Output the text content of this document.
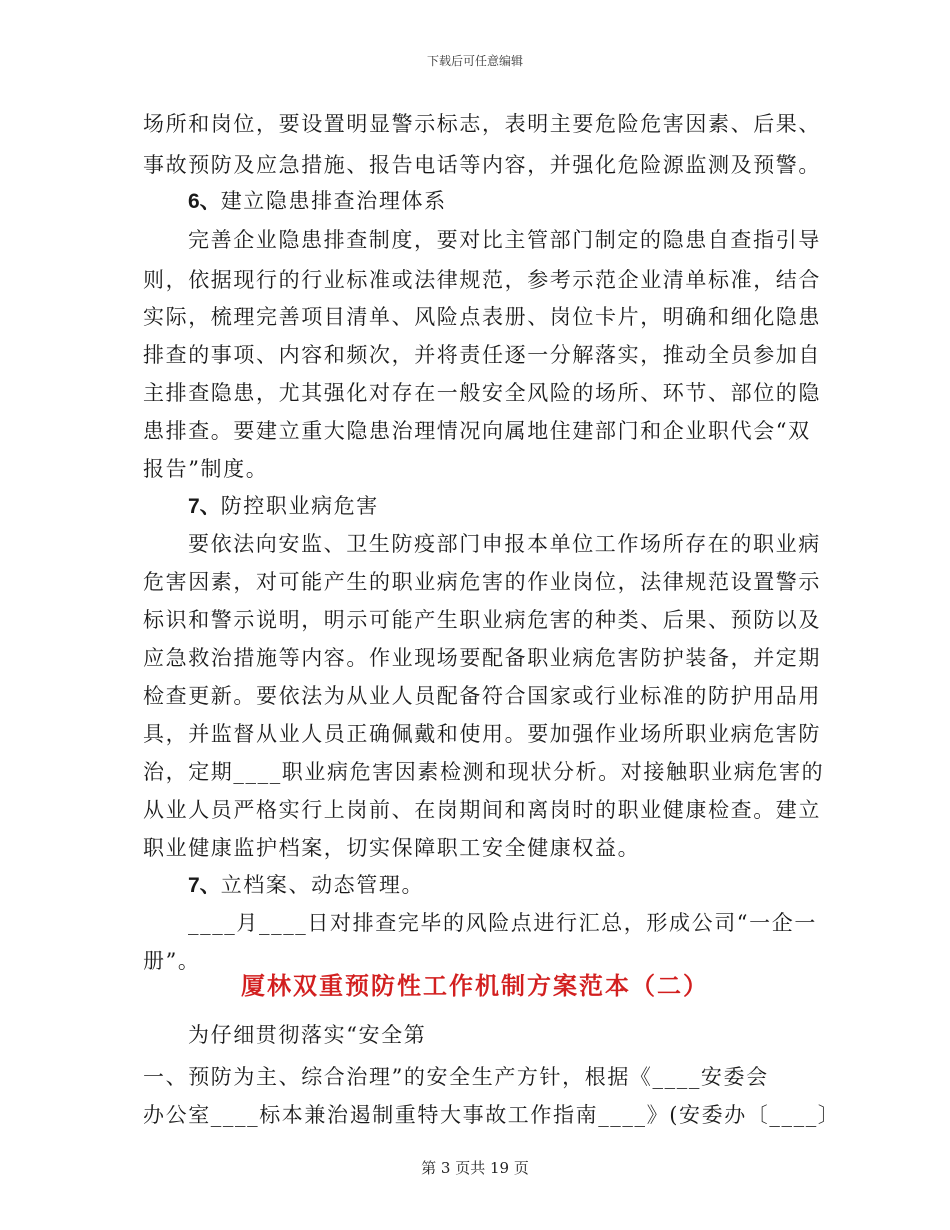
下载后可任意编辑
场所和岗位，要设置明显警示标志，表明主要危险危害因素、后果、
事故预防及应急措施、报告电话等内容，并强化危险源监测及预警。
6、建立隐患排查治理体系
完善企业隐患排查制度，要对比主管部门制定的隐患自查指引导
则，依据现行的行业标准或法律规范，参考示范企业清单标准，结合
实际，梳理完善项目清单、风险点表册、岗位卡片，明确和细化隐患
排查的事项、内容和频次，并将责任逐一分解落实，推动全员参加自
主排查隐患，尤其强化对存在一般安全风险的场所、环节、部位的隐
患排查。要建立重大隐患治理情况向属地住建部门和企业职代会“双
报告”制度。
7、防控职业病危害
要依法向安监、卫生防疫部门申报本单位工作场所存在的职业病
危害因素，对可能产生的职业病危害的作业岗位，法律规范设置警示
标识和警示说明，明示可能产生职业病危害的种类、后果、预防以及
应急救治措施等内容。作业现场要配备职业病危害防护装备，并定期
检查更新。要依法为从业人员配备符合国家或行业标准的防护用品用
具，并监督从业人员正确佩戴和使用。要加强作业场所职业病危害防
治，定期____职业病危害因素检测和现状分析。对接触职业病危害的
从业人员严格实行上岗前、在岗期间和离岗时的职业健康检查。建立
职业健康监护档案，切实保障职工安全健康权益。
7、立档案、动态管理。
____月____日对排查完毕的风险点进行汇总，形成公司“一企一
册”。
厦林双重预防性工作机制方案范本（二）
为仔细贯彻落实“安全第
一、预防为主、综合治理”的安全生产方针，根据《____安委会
办公室____标本兼治遏制重特大事故工作指南____》(安委办〔____〕
第 3 页共 19 页
